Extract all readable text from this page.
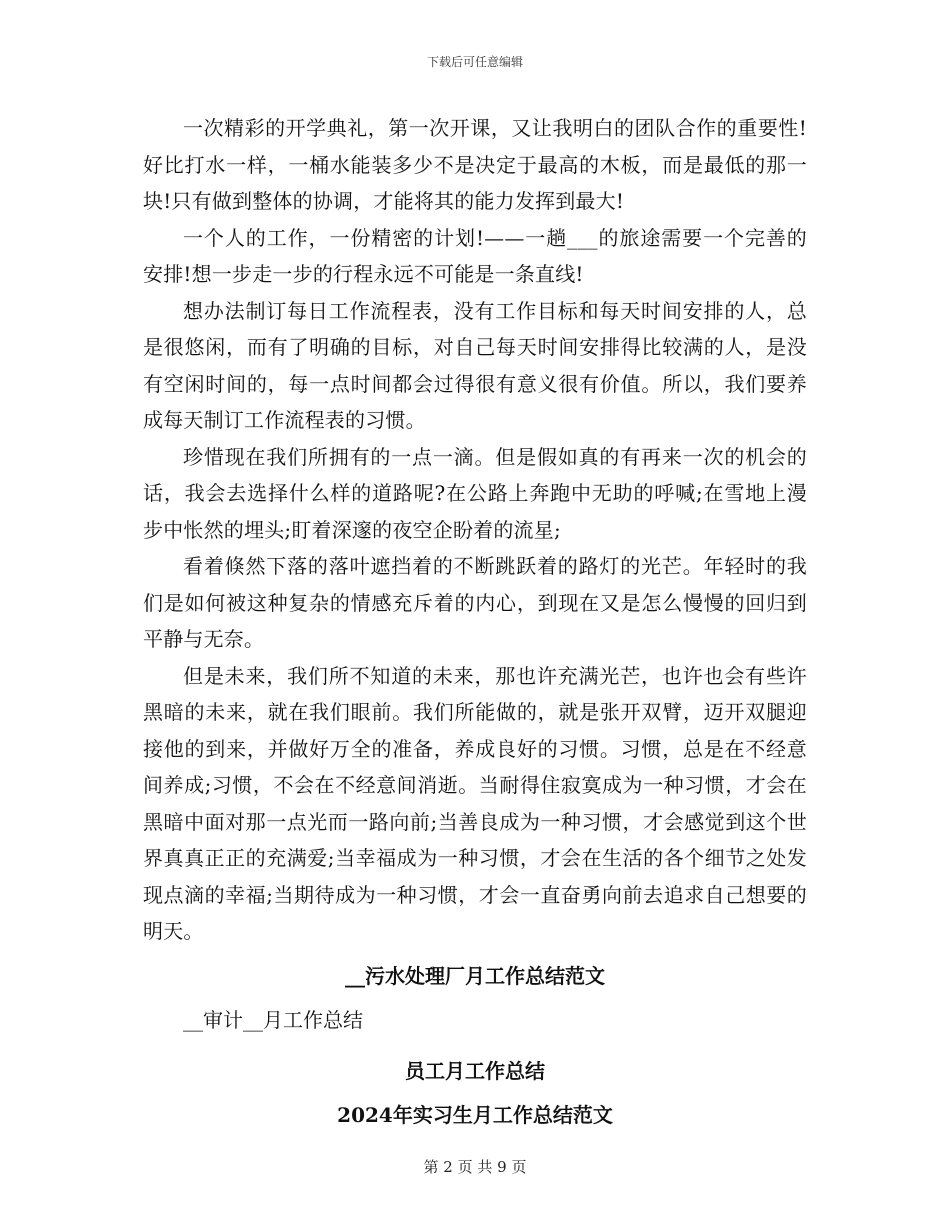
下载后可任意编辑

一次精彩的开学典礼，第一次开课，又让我明白的团队合作的重要性!好比打水一样，一桶水能装多少不是决定于最高的木板，而是最低的那一块!只有做到整体的协调，才能将其的能力发挥到最大!

一个人的工作，一份精密的计划!——一趟___的旅途需要一个完善的安排!想一步走一步的行程永远不可能是一条直线!

想办法制订每日工作流程表，没有工作目标和每天时间安排的人，总是很悠闲，而有了明确的目标，对自己每天时间安排得比较满的人，是没有空闲时间的，每一点时间都会过得很有意义很有价值。所以，我们要养成每天制订工作流程表的习惯。

珍惜现在我们所拥有的一点一滴。但是假如真的有再来一次的机会的话，我会去选择什么样的道路呢?在公路上奔跑中无助的呼喊;在雪地上漫步中怅然的埋头;盯着深邃的夜空企盼着的流星;

看着倏然下落的落叶遮挡着的不断跳跃着的路灯的光芒。年轻时的我们是如何被这种复杂的情感充斥着的内心，到现在又是怎么慢慢的回归到平静与无奈。

但是未来，我们所不知道的未来，那也许充满光芒，也许也会有些许黑暗的未来，就在我们眼前。我们所能做的，就是张开双臂，迈开双腿迎接他的到来，并做好万全的准备，养成良好的习惯。习惯，总是在不经意间养成;习惯，不会在不经意间消逝。当耐得住寂寞成为一种习惯，才会在黑暗中面对那一点光而一路向前;当善良成为一种习惯，才会感觉到这个世界真真正正的充满爱;当幸福成为一种习惯，才会在生活的各个细节之处发现点滴的幸福;当期待成为一种习惯，才会一直奋勇向前去追求自己想要的明天。

__污水处理厂月工作总结范文

__审计__月工作总结

员工月工作总结

2024年实习生月工作总结范文

第 2 页 共 9 页
